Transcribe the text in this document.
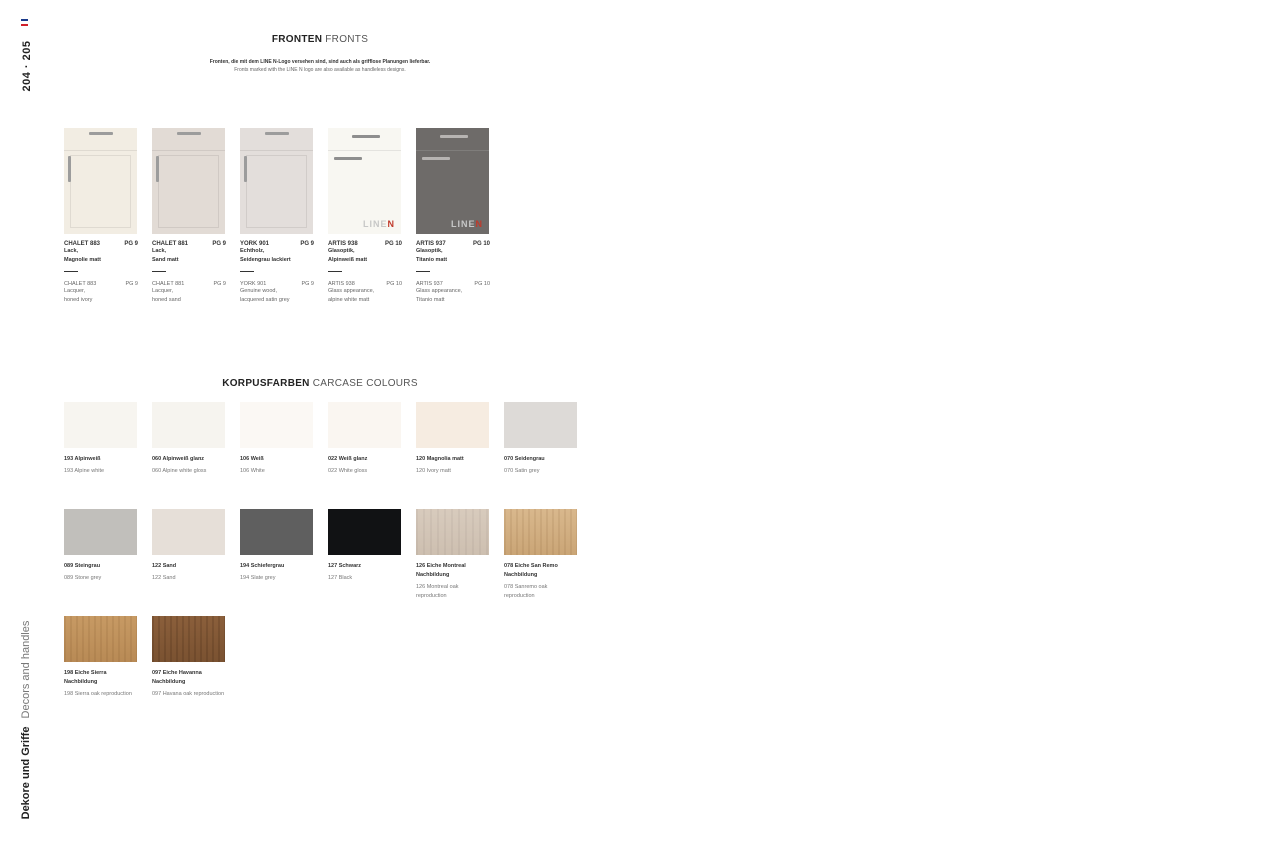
204 · 205
Dekore und GriffeDecors and handles
FRONTEN FRONTS
Fronten, die mit dem LINE N-Logo versehen sind, sind auch als grifflose Planungen lieferbar.
Fronts marked with the LINE N logo are also available as handleless designs.
CHALET 883	PG 9
Lack,
Magnolie matt
CHALET 883	PG 9
Lacquer,
honed ivory
CHALET 881	PG 9
Lack,
Sand matt
CHALET 881	PG 9
Lacquer,
honed sand
YORK 901	PG 9
Echtholz,
Seidengrau lackiert
YORK 901	PG 9
Genuine wood,
lacquered satin grey
LINEN
ARTIS 938	PG 10
Glasoptik,
Alpinweiß matt
ARTIS 938	PG 10
Glass appearance,
alpine white matt
LINEN
ARTIS 937	PG 10
Glasoptik,
Titanio matt
ARTIS 937	PG 10
Glass appearance,
Titanio matt
KORPUSFARBEN CARCASE COLOURS
193 Alpinweiß
193 Alpine white
060 Alpinweiß glanz
060 Alpine white gloss
106 Weiß
106 White
022 Weiß glanz
022 White gloss
120 Magnolia matt
120 Ivory matt
070 Seidengrau
070 Satin grey
089 Steingrau
089 Stone grey
122 Sand
122 Sand
194 Schiefergrau
194 Slate grey
127 Schwarz
127 Black
126 Eiche Montreal Nachbildung
126 Montreal oak reproduction
078 Eiche San Remo Nachbildung
078 Sanremo oak reproduction
198 Eiche Sierra Nachbildung
198 Sierra oak reproduction
097 Eiche Havanna Nachbildung
097 Havana oak reproduction
